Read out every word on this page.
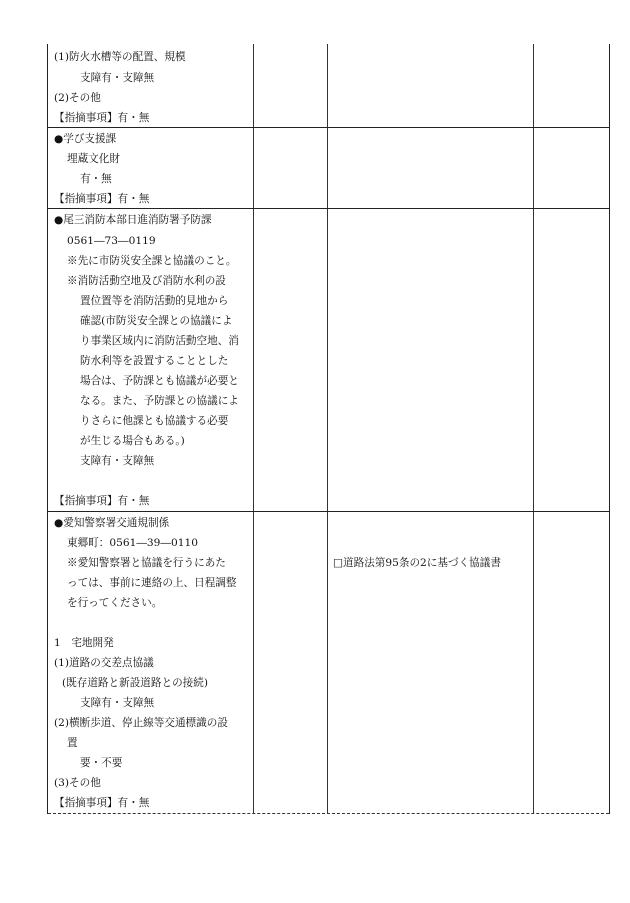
(1)防火水槽等の配置、規模
支障有・支障無
(2)その他
【指摘事項】有・無
●学び支援課
埋蔵文化財
有・無
【指摘事項】有・無
●尾三消防本部日進消防署予防課
0561―73―0119
※先に市防災安全課と協議のこと。
※消防活動空地及び消防水利の設
置位置等を消防活動的見地から
確認(市防災安全課との協議によ
り事業区域内に消防活動空地、消
防水利等を設置することとした
場合は、予防課とも協議が必要と
なる。また、予防課との協議によ
りさらに他課とも協議する必要
が生じる場合もある。)
支障有・支障無
【指摘事項】有・無
●愛知警察署交通規制係
東郷町：0561―39―0110
※愛知警察署と協議を行うにあた
っては、事前に連絡の上、日程調整
を行ってください。
1　宅地開発
(1)道路の交差点協議
(既存道路と新設道路との接続)
支障有・支障無
(2)横断歩道、停止線等交通標識の設
置
要・不要
(3)その他
【指摘事項】有・無
□道路法第95条の2に基づく協議書
